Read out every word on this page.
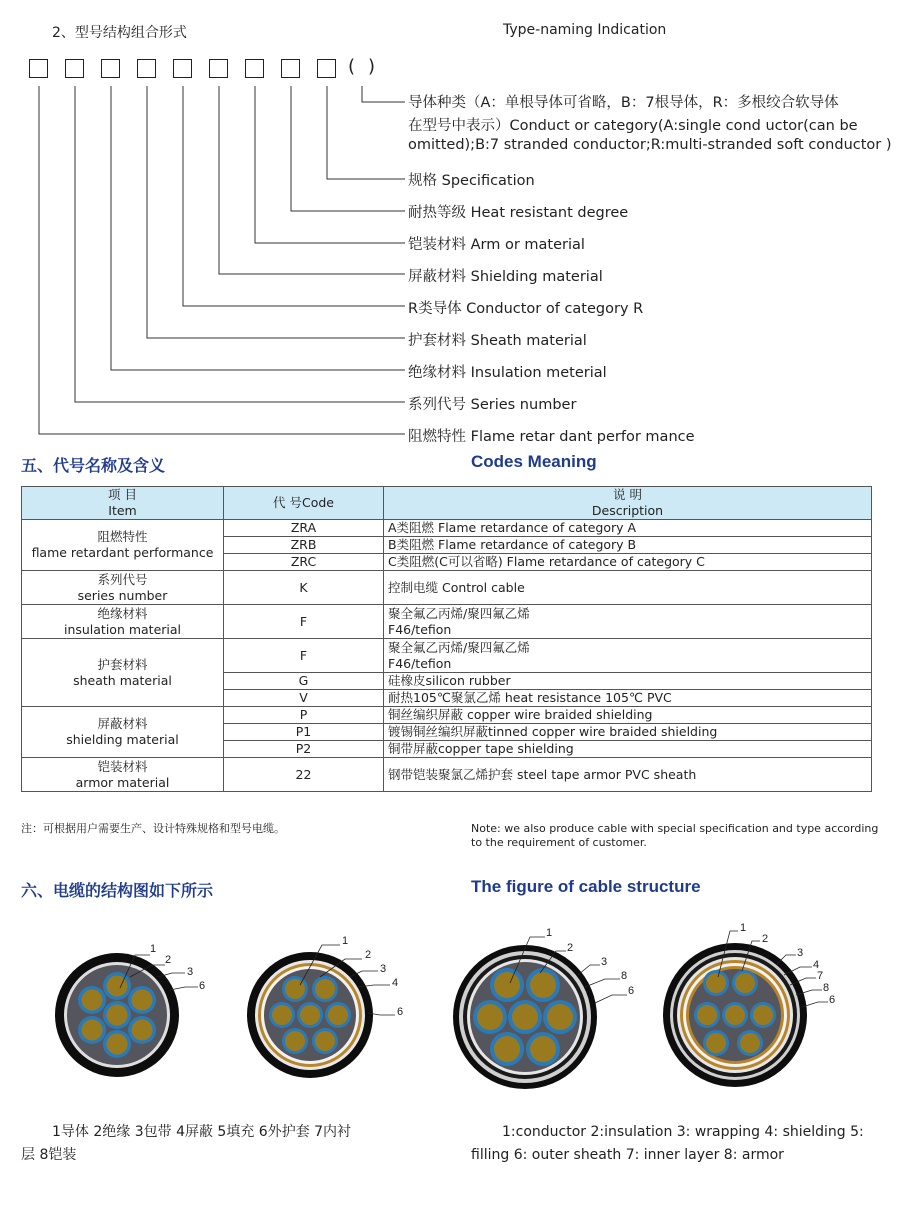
2、型号结构组合形式	Type-naming Indication
( )
导体种类（A：单根导体可省略，B：7根导体，R：多根绞合软导体
在型号中表示）Conduct or category(A:single cond uctor(can be
omitted);B:7 stranded conductor;R:multi-stranded soft conductor )
规格 Specification
耐热等级 Heat resistant degree
铠装材料 Arm or material
屏蔽材料 Shielding material
R类导体 Conductor of category R
护套材料 Sheath material
绝缘材料 Insulation meterial
系列代号 Series number
阻燃特性 Flame retar dant perfor mance
五、代号名称及含义	Codes Meaning
项 目
Item	代 号Code	说 明
Description
阻燃特性
flame retardant performance	ZRA	A类阻燃 Flame retardance of category A
	ZRB	B类阻燃 Flame retardance of category B
	ZRC	C类阻燃(C可以省略) Flame retardance of category C
系列代号
series number	K	控制电缆 Control cable
绝缘材料
insulation material	F	聚全氟乙丙烯/聚四氟乙烯
F46/tefion
护套材料
sheath material	F	聚全氟乙丙烯/聚四氟乙烯
F46/tefion
	G	硅橡皮silicon rubber
	V	耐热105℃聚氯乙烯 heat resistance 105℃ PVC
屏蔽材料
shielding material	P	铜丝编织屏蔽 copper wire braided shielding
	P1	镀锡铜丝编织屏蔽tinned copper wire braided shielding
	P2	铜带屏蔽copper tape shielding
铠装材料
armor material	22	钢带铠装聚氯乙烯护套 steel tape armor PVC sheath
注：可根据用户需要生产、设计特殊规格和型号电缆。	Note: we also produce cable with special specification and type according
to the requirement of customer.
六、电缆的结构图如下所示	The figure of cable structure
1
2
3
6
1
2
3
4
6
1
2
3
8
6
1
2
3
4
7
8
6
1导体 2绝缘 3包带 4屏蔽 5填充 6外护套 7内衬
层 8铠装
1:conductor 2:insulation 3: wrapping 4: shielding 5:
filling 6: outer sheath 7: inner layer 8: armor
